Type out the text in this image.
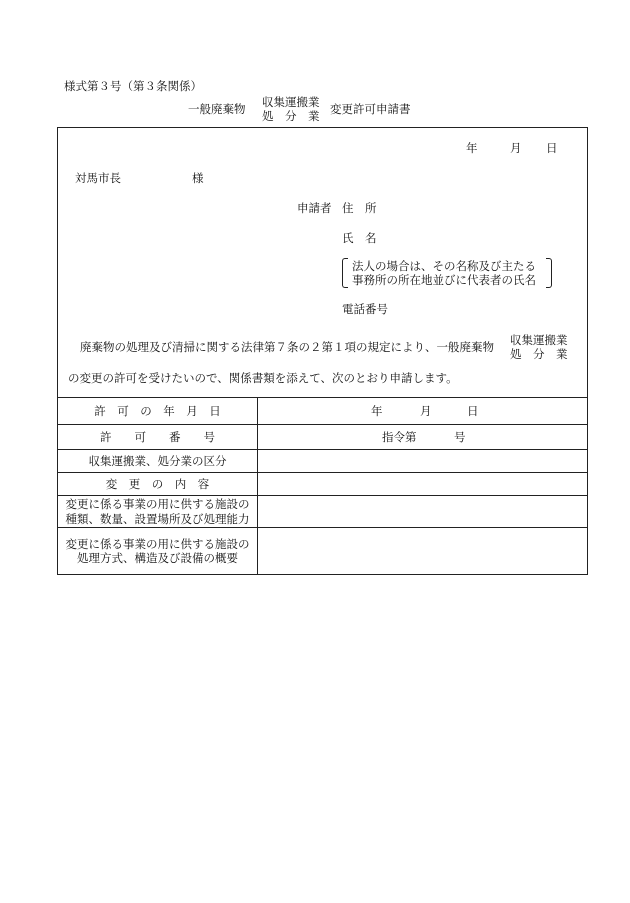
様式第３号（第３条関係）
一般廃棄物 収集運搬業
処　分　業
変更許可申請書
年	月 日
対馬市長	様
申請者 住　所
氏　名
法人の場合は、その名称及び主たる
事務所の所在地並びに代表者の氏名
電話番号
廃棄物の処理及び清掃に関する法律第７条の２第１項の規定により、一般廃棄物 収集運搬業
処　分　業
の変更の許可を受けたいので、関係書類を添えて、次のとおり申請します。
許　可　の　年　月　日	年	月	日
許　　可　　番　　号	指令第	号
収集運搬業、処分業の区分
変　更　の　内　容
変更に係る事業の用に供する施設の
種類、数量、設置場所及び処理能力
変更に係る事業の用に供する施設の
処理方式、構造及び設備の概要
